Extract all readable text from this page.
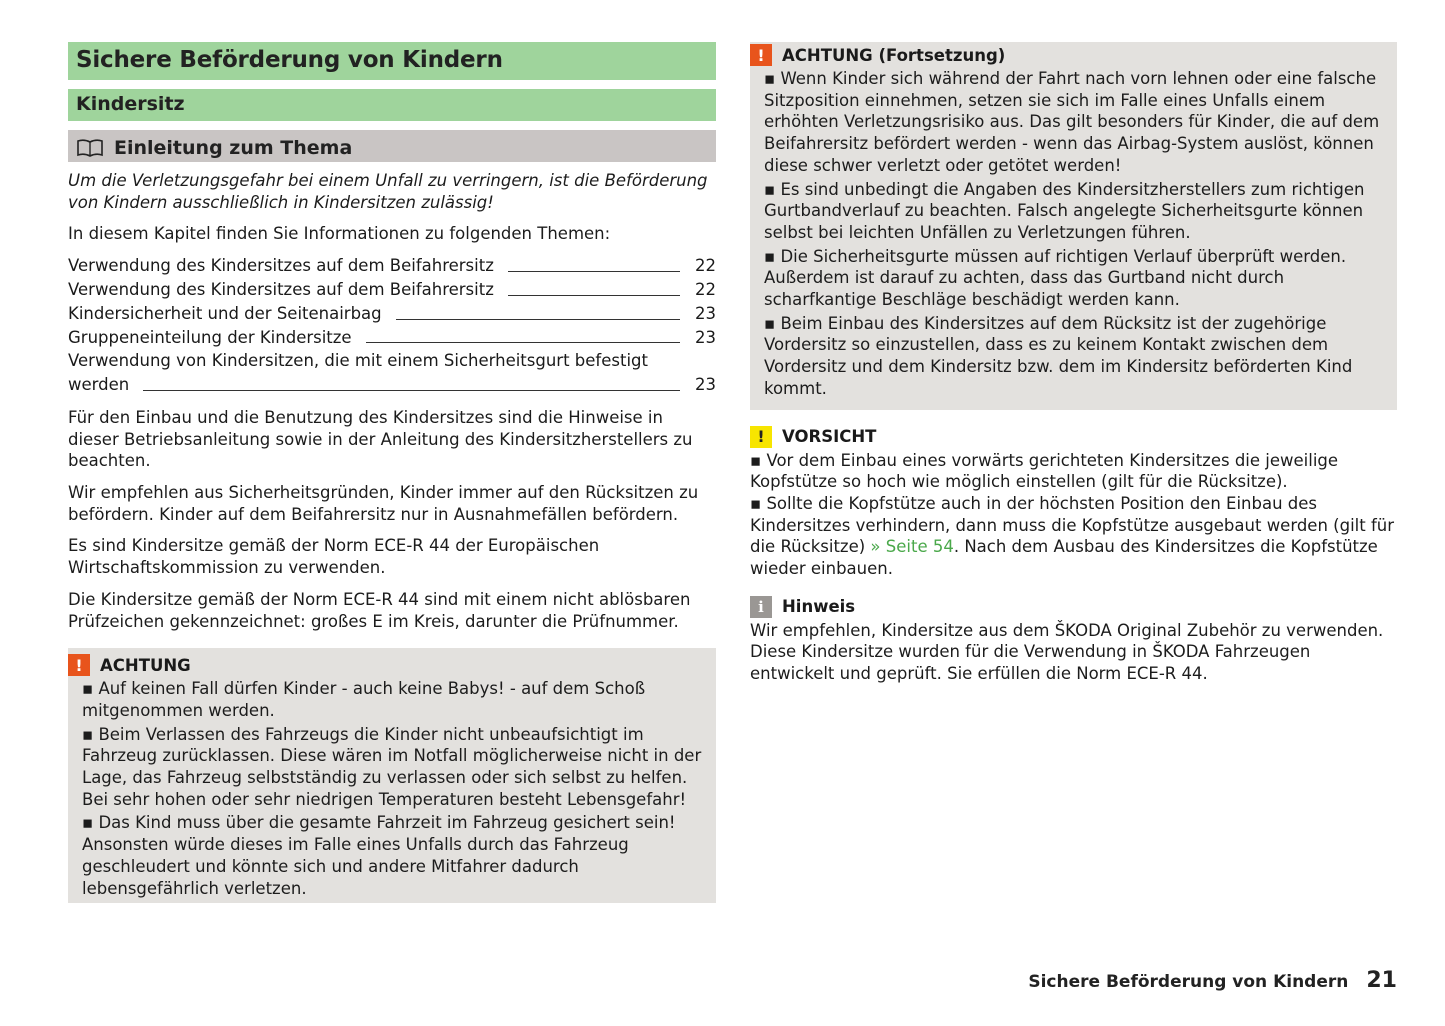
Sichere Beförderung von Kindern
Kindersitz
Einleitung zum Thema
Um die Verletzungsgefahr bei einem Unfall zu verringern, ist die Beförderung von Kindern ausschließlich in Kindersitzen zulässig!
In diesem Kapitel finden Sie Informationen zu folgenden Themen:
Verwendung des Kindersitzes auf dem Beifahrersitz	22
Verwendung des Kindersitzes auf dem Beifahrersitz	22
Kindersicherheit und der Seitenairbag	23
Gruppeneinteilung der Kindersitze	23
Verwendung von Kindersitzen, die mit einem Sicherheitsgurt befestigt
werden	23
Für den Einbau und die Benutzung des Kindersitzes sind die Hinweise in dieser Betriebsanleitung sowie in der Anleitung des Kindersitzherstellers zu beachten.
Wir empfehlen aus Sicherheitsgründen, Kinder immer auf den Rücksitzen zu befördern. Kinder auf dem Beifahrersitz nur in Ausnahmefällen befördern.
Es sind Kindersitze gemäß der Norm ECE-R 44 der Europäischen Wirtschaftskommission zu verwenden.
Die Kindersitze gemäß der Norm ECE-R 44 sind mit einem nicht ablösbaren Prüfzeichen gekennzeichnet: großes E im Kreis, darunter die Prüfnummer.
!	ACHTUNG
▪ Auf keinen Fall dürfen Kinder - auch keine Babys! - auf dem Schoß mitgenommen werden.
▪ Beim Verlassen des Fahrzeugs die Kinder nicht unbeaufsichtigt im Fahrzeug zurücklassen. Diese wären im Notfall möglicherweise nicht in der Lage, das Fahrzeug selbstständig zu verlassen oder sich selbst zu helfen. Bei sehr hohen oder sehr niedrigen Temperaturen besteht Lebensgefahr!
▪ Das Kind muss über die gesamte Fahrzeit im Fahrzeug gesichert sein! Ansonsten würde dieses im Falle eines Unfalls durch das Fahrzeug geschleudert und könnte sich und andere Mitfahrer dadurch lebensgefährlich verletzen.
!	ACHTUNG (Fortsetzung)
▪ Wenn Kinder sich während der Fahrt nach vorn lehnen oder eine falsche Sitzposition einnehmen, setzen sie sich im Falle eines Unfalls einem erhöhten Verletzungsrisiko aus. Das gilt besonders für Kinder, die auf dem Beifahrersitz befördert werden - wenn das Airbag-System auslöst, können diese schwer verletzt oder getötet werden!
▪ Es sind unbedingt die Angaben des Kindersitzherstellers zum richtigen Gurtbandverlauf zu beachten. Falsch angelegte Sicherheitsgurte können selbst bei leichten Unfällen zu Verletzungen führen.
▪ Die Sicherheitsgurte müssen auf richtigen Verlauf überprüft werden. Außerdem ist darauf zu achten, dass das Gurtband nicht durch scharfkantige Beschläge beschädigt werden kann.
▪ Beim Einbau des Kindersitzes auf dem Rücksitz ist der zugehörige Vordersitz so einzustellen, dass es zu keinem Kontakt zwischen dem Vordersitz und dem Kindersitz bzw. dem im Kindersitz beförderten Kind kommt.
!	VORSICHT
▪ Vor dem Einbau eines vorwärts gerichteten Kindersitzes die jeweilige Kopfstütze so hoch wie möglich einstellen (gilt für die Rücksitze).
▪ Sollte die Kopfstütze auch in der höchsten Position den Einbau des Kindersitzes verhindern, dann muss die Kopfstütze ausgebaut werden (gilt für die Rücksitze) » Seite 54. Nach dem Ausbau des Kindersitzes die Kopfstütze wieder einbauen.
i	Hinweis
Wir empfehlen, Kindersitze aus dem ŠKODA Original Zubehör zu verwenden. Diese Kindersitze wurden für die Verwendung in ŠKODA Fahrzeugen entwickelt und geprüft. Sie erfüllen die Norm ECE-R 44.
Sichere Beförderung von Kindern 21
